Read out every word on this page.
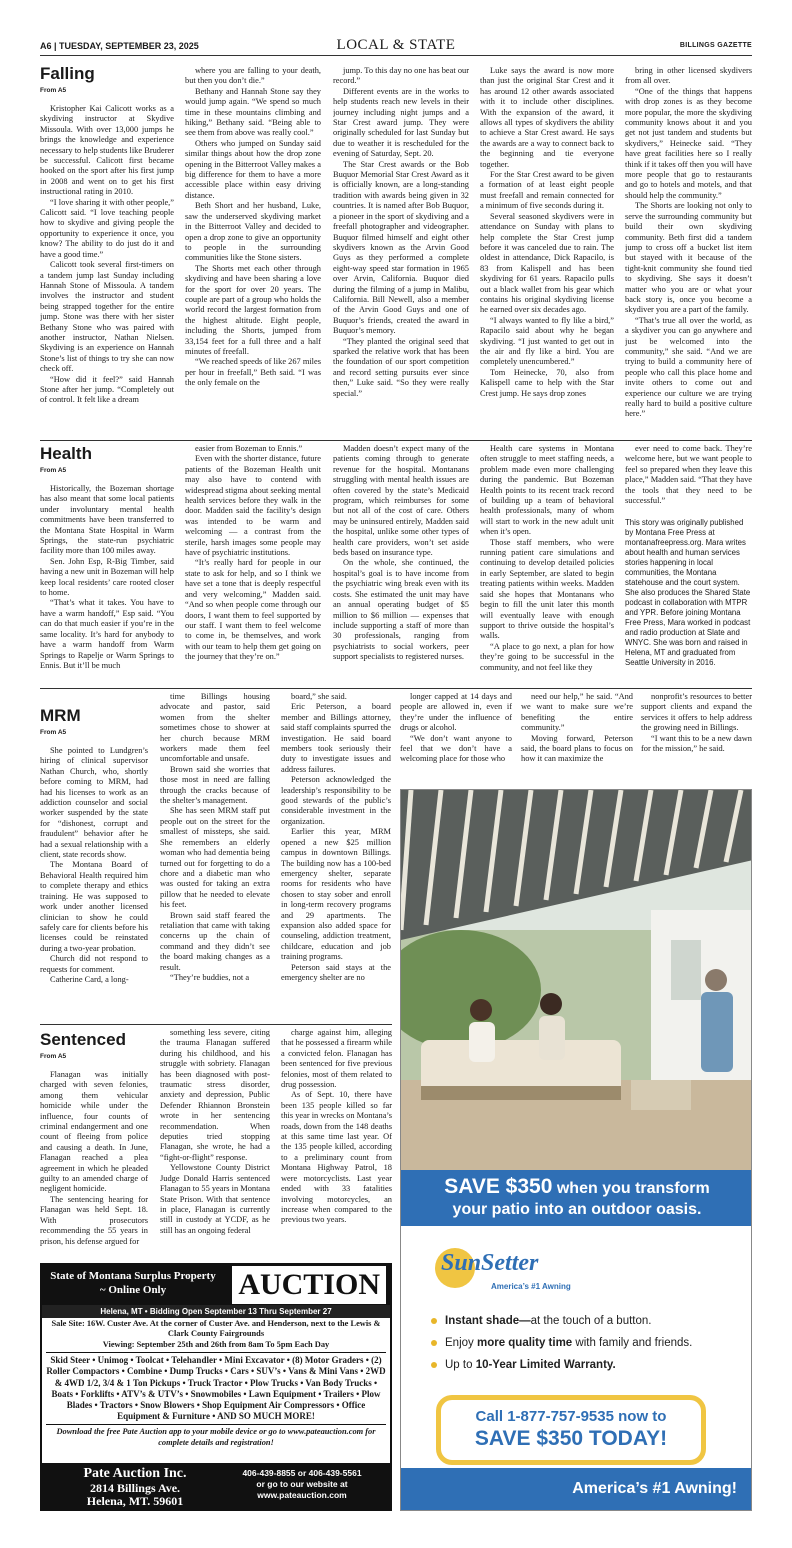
A6 | TUESDAY, SEPTEMBER 23, 2025	LOCAL & STATE	BILLINGS GAZETTE
Falling
From A5

Kristopher Kai Calicott works as a skydiving instructor at Skydive Missoula. With over 13,000 jumps he brings the knowledge and experience necessary to help students like Bruderer be successful. Calicott first became hooked on the sport after his first jump in 2008 and went on to get his first instructional rating in 2010.

“I love sharing it with other people,” Calicott said. “I love teaching people how to skydive and giving people the opportunity to experience it once, you know? The ability to do just do it and have a good time.”

Calicott took several first-timers on a tandem jump last Sunday including Hannah Stone of Missoula. A tandem involves the instructor and student being strapped together for the entire jump. Stone was there with her sister Bethany Stone who was paired with another instructor, Nathan Nielsen. Skydiving is an experience on Hannah Stone’s list of things to try she can now check off.

“How did it feel?” said Hannah Stone after her jump. “Completely out of control. It felt like a dream

where you are falling to your death, but then you don’t die.”

Bethany and Hannah Stone say they would jump again. “We spend so much time in these mountains climbing and hiking,” Bethany said. “Being able to see them from above was really cool.”

Others who jumped on Sunday said similar things about how the drop zone opening in the Bitterroot Valley makes a big difference for them to have a more accessible place within easy driving distance.

Beth Short and her husband, Luke, saw the underserved skydiving market in the Bitterroot Valley and decided to open a drop zone to give an opportunity to people in the surrounding communities like the Stone sisters.

The Shorts met each other through skydiving and have been sharing a love for the sport for over 20 years. The couple are part of a group who holds the world record the largest formation from the highest altitude. Eight people, including the Shorts, jumped from 33,154 feet for a full three and a half minutes of freefall.

“We reached speeds of like 267 miles per hour in freefall,” Beth said. “I was the only female on the

jump. To this day no one has beat our record.”

Different events are in the works to help students reach new levels in their journey including night jumps and a Star Crest award jump. They were originally scheduled for last Sunday but due to weather it is rescheduled for the evening of Saturday, Sept. 20.

The Star Crest awards or the Bob Buquor Memorial Star Crest Award as it is officially known, are a long-standing tradition with awards being given in 32 countries. It is named after Bob Buquor, a pioneer in the sport of skydiving and a freefall photographer and videographer. Buquor filmed himself and eight other skydivers known as the Arvin Good Guys as they performed a complete eight-way speed star formation in 1965 over Arvin, California. Buquor died during the filming of a jump in Malibu, California. Bill Newell, also a member of the Arvin Good Guys and one of Buquor’s friends, created the award in Buquor’s memory.

“They planted the original seed that sparked the relative work that has been the foundation of our sport competition and record setting pursuits ever since then,” Luke said. “So they were really special.”

Luke says the award is now more than just the original Star Crest and it has around 12 other awards associated with it to include other disciplines. With the expansion of the award, it allows all types of skydivers the ability to achieve a Star Crest award. He says the awards are a way to connect back to the beginning and tie everyone together.

For the Star Crest award to be given a formation of at least eight people must freefall and remain connected for a minimum of five seconds during it.

Several seasoned skydivers were in attendance on Sunday with plans to help complete the Star Crest jump before it was canceled due to rain. The oldest in attendance, Dick Rapacilo, is 83 from Kalispell and has been skydiving for 61 years. Rapacilo pulls out a black wallet from his gear which contains his original skydiving license he earned over six decades ago.

“I always wanted to fly like a bird,” Rapacilo said about why he began skydiving. “I just wanted to get out in the air and fly like a bird. You are completely unencumbered.”

Tom Heinecke, 70, also from Kalispell came to help with the Star Crest jump. He says drop zones

bring in other licensed skydivers from all over.

“One of the things that happens with drop zones is as they become more popular, the more the skydiving community knows about it and you get not just tandem and students but skydivers,” Heinecke said. “They have great facilities here so I really think if it takes off then you will have more people that go to restaurants and go to hotels and motels, and that should help the community.”

The Shorts are looking not only to serve the surrounding community but build their own skydiving community. Beth first did a tandem jump to cross off a bucket list item but stayed with it because of the tight-knit community she found tied to skydiving. She says it doesn’t matter who you are or what your back story is, once you become a skydiver you are a part of the family.

“That’s true all over the world, as a skydiver you can go anywhere and just be welcomed into the community,” she said. “And we are trying to build a community here of people who call this place home and invite others to come out and experience our culture we are trying really hard to build a positive culture here.”

Health
From A5

Historically, the Bozeman shortage has also meant that some local patients under involuntary mental health commitments have been transferred to the Montana State Hospital in Warm Springs, the state-run psychiatric facility more than 100 miles away.

Sen. John Esp, R-Big Timber, said having a new unit in Bozeman will help keep local residents’ care rooted closer to home.

“That’s what it takes. You have to have a warm handoff,” Esp said. “You can do that much easier if you’re in the same locality. It’s hard for anybody to have a warm handoff from Warm Springs to Rapelje or Warm Springs to Ennis. But it’ll be much

easier from Bozeman to Ennis.”

Even with the shorter distance, future patients of the Bozeman Health unit may also have to contend with widespread stigma about seeking mental health services before they walk in the door. Madden said the facility’s design was intended to be warm and welcoming — a contrast from the sterile, harsh images some people may have of psychiatric institutions.

“It’s really hard for people in our state to ask for help, and so I think we have set a tone that is deeply respectful and very welcoming,” Madden said. “And so when people come through our doors, I want them to feel supported by our staff. I want them to feel welcome to come in, be themselves, and work with our team to help them get going on the journey that they’re on.”

Madden doesn’t expect many of the patients coming through to generate revenue for the hospital. Montanans struggling with mental health issues are often covered by the state’s Medicaid program, which reimburses for some but not all of the cost of care. Others may be uninsured entirely, Madden said the hospital, unlike some other types of health care providers, won’t set aside beds based on insurance type.

On the whole, she continued, the hospital’s goal is to have income from the psychiatric wing break even with its costs. She estimated the unit may have an annual operating budget of $5 million to $6 million — expenses that include supporting a staff of more than 30 professionals, ranging from psychiatrists to social workers, peer support specialists to registered nurses.

Health care systems in Montana often struggle to meet staffing needs, a problem made even more challenging during the pandemic. But Bozeman Health points to its recent track record of building up a team of behavioral health professionals, many of whom will start to work in the new adult unit when it’s open.

Those staff members, who were running patient care simulations and continuing to develop detailed policies in early September, are slated to begin treating patients within weeks. Madden said she hopes that Montanans who begin to fill the unit later this month will eventually leave with enough support to thrive outside the hospital’s walls.

“A place to go next, a plan for how they’re going to be successful in the community, and not feel like they

ever need to come back. They’re welcome here, but we want people to feel so prepared when they leave this place,” Madden said. “That they have the tools that they need to be successful.”

This story was originally published by Montana Free Press at montanafreepress.org. Mara writes about health and human services stories happening in local communities, the Montana statehouse and the court system. She also produces the Shared State podcast in collaboration with MTPR and YPR. Before joining Montana Free Press, Mara worked in podcast and radio production at Slate and WNYC. She was born and raised in Helena, MT and graduated from Seattle University in 2016.
MRM
From A5

She pointed to Lundgren’s hiring of clinical supervisor Nathan Church, who, shortly before coming to MRM, had had his licenses to work as an addiction counselor and social worker suspended by the state for “dishonest, corrupt and fraudulent” behavior after he had a sexual relationship with a client, state records show.

The Montana Board of Behavioral Health required him to complete therapy and ethics training. He was supposed to work under another licensed clinician to show he could safely care for clients before his licenses could be reinstated during a two-year probation.

Church did not respond to requests for comment.

Catherine Card, a long-

time Billings housing advocate and pastor, said women from the shelter sometimes chose to shower at her church because MRM workers made them feel uncomfortable and unsafe.

Brown said she worries that those most in need are falling through the cracks because of the shelter’s management.

She has seen MRM staff put people out on the street for the smallest of missteps, she said. She remembers an elderly woman who had dementia being turned out for forgetting to do a chore and a diabetic man who was ousted for taking an extra pillow that he needed to elevate his feet.

Brown said staff feared the retaliation that came with taking concerns up the chain of command and they didn’t see the board making changes as a result.

“They’re buddies, not a

board,” she said.

Eric Peterson, a board member and Billings attorney, said staff complaints spurred the investigation. He said board members took seriously their duty to investigate issues and address failures.

Peterson acknowledged the leadership’s responsibility to be good stewards of the public’s considerable investment in the organization.

Earlier this year, MRM opened a new $25 million campus in downtown Billings. The building now has a 100-bed emergency shelter, separate rooms for residents who have chosen to stay sober and enroll in long-term recovery programs and 29 apartments. The expansion also added space for counseling, addiction treatment, childcare, education and job training programs.

Peterson said stays at the emergency shelter are no

longer capped at 14 days and people are allowed in, even if they’re under the influence of drugs or alcohol.

“We don’t want anyone to feel that we don’t have a welcoming place for those who

need our help,” he said. “And we want to make sure we’re benefiting the entire community.”

Moving forward, Peterson said, the board plans to focus on how it can maximize the

nonprofit’s resources to better support clients and expand the services it offers to help address the growing need in Billings.

“I want this to be a new dawn for the mission,” he said.

Sentenced
From A5

Flanagan was initially charged with seven felonies, among them vehicular homicide while under the influence, four counts of criminal endangerment and one count of fleeing from police and causing a death. In June, Flanagan reached a plea agreement in which he pleaded guilty to an amended charge of negligent homicide.

The sentencing hearing for Flanagan was held Sept. 18. With prosecutors recommending the 55 years in prison, his defense argued for

something less severe, citing the trauma Flanagan suffered during his childhood, and his struggle with sobriety. Flanagan has been diagnosed with post-traumatic stress disorder, anxiety and depression, Public Defender Rhiannon Bronstein wrote in her sentencing recommendation. When deputies tried stopping Flanagan, she wrote, he had a “fight-or-flight” response.

Yellowstone County District Judge Donald Harris sentenced Flanagan to 55 years in Montana State Prison. With that sentence in place, Flanagan is currently still in custody at YCDF, as he still has an ongoing federal

charge against him, alleging that he possessed a firearm while a convicted felon. Flanagan has been sentenced for five previous felonies, most of them related to drug possession.

As of Sept. 10, there have been 135 people killed so far this year in wrecks on Montana’s roads, down from the 148 deaths at this same time last year. Of the 135 people killed, according to a preliminary count from Montana Highway Patrol, 18 were motorcyclists. Last year ended with 33 fatalities involving motorcycles, an increase when compared to the previous two years.

State of Montana Surplus Property ~ Online Only	AUCTION
Helena, MT • Bidding Open September 13 Thru September 27
Sale Site: 16W. Custer Ave. At the corner of Custer Ave. and Henderson, next to the Lewis & Clark County Fairgrounds
Viewing: September 25th and 26th from 8am To 5pm Each Day
Skid Steer • Unimog • Toolcat • Telehandler • Mini Excavator • (8) Motor Graders • (2) Roller Compactors • Combine • Dump Trucks • Cars • SUV’s • Vans & Mini Vans • 2WD & 4WD 1/2, 3/4 & 1 Ton Pickups • Truck Tractor • Plow Trucks • Van Body Trucks • Boats • Forklifts • ATV’s & UTV’s • Snowmobiles • Lawn Equipment • Trailers • Plow Blades • Tractors • Snow Blowers • Shop Equipment Air Compressors • Office Equipment & Furniture • AND SO MUCH MORE!
Download the free Pate Auction app to your mobile device or go to www.pateauction.com for complete details and registration!
Pate Auction Inc.
2814 Billings Ave.
Helena, MT. 59601
406-439-8855 or 406-439-5561
or go to our website at
www.pateauction.com
SAVE $350 when you transform
your patio into an outdoor oasis.
SunSetter
America’s #1 Awning
Instant shade—at the touch of a button.
Enjoy more quality time with family and friends.
Up to 10-Year Limited Warranty.
Call 1-877-757-9535 now to
SAVE $350 TODAY!
America’s #1 Awning!
